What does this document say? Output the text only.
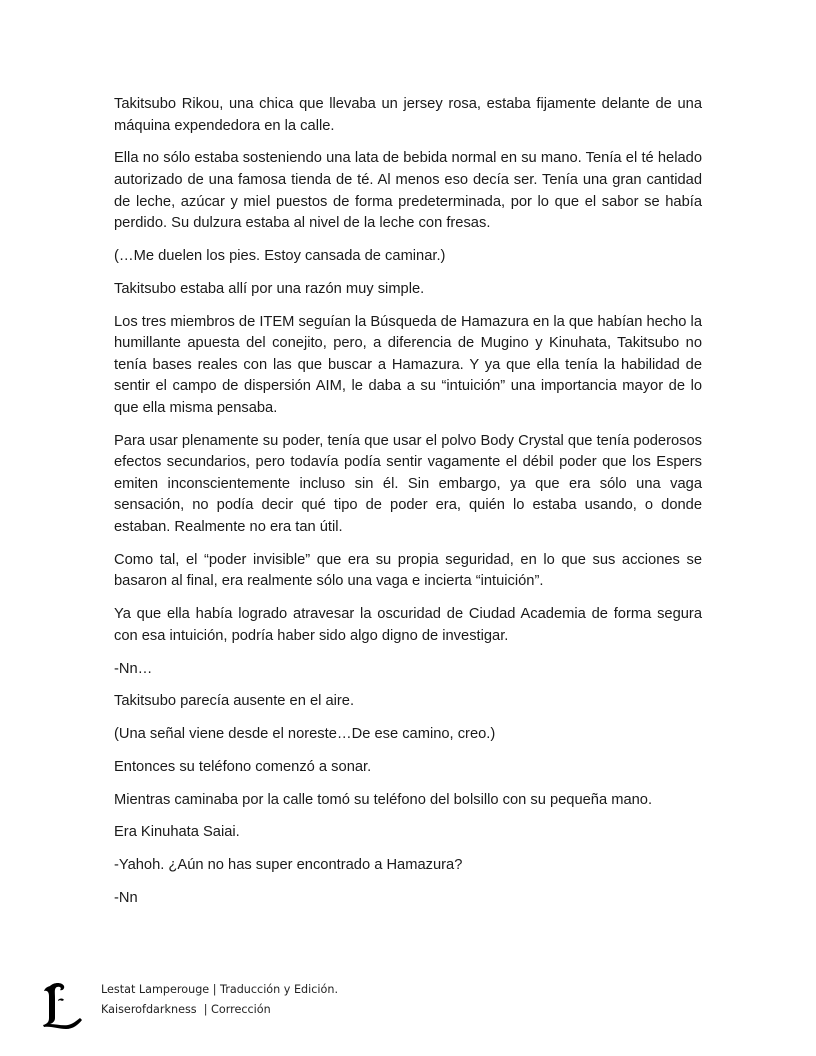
Takitsubo Rikou, una chica que llevaba un jersey rosa, estaba fijamente delante de una máquina expendedora en la calle.

Ella no sólo estaba sosteniendo una lata de bebida normal en su mano. Tenía el té helado autorizado de una famosa tienda de té. Al menos eso decía ser. Tenía una gran cantidad de leche, azúcar y miel puestos de forma predeterminada, por lo que el sabor se había perdido. Su dulzura estaba al nivel de la leche con fresas.

(…Me duelen los pies. Estoy cansada de caminar.)

Takitsubo estaba allí por una razón muy simple.

Los tres miembros de ITEM seguían la Búsqueda de Hamazura en la que habían hecho la humillante apuesta del conejito, pero, a diferencia de Mugino y Kinuhata, Takitsubo no tenía bases reales con las que buscar a Hamazura. Y ya que ella tenía la habilidad de sentir el campo de dispersión AIM, le daba a su “intuición” una importancia mayor de lo que ella misma pensaba.

Para usar plenamente su poder, tenía que usar el polvo Body Crystal que tenía poderosos efectos secundarios, pero todavía podía sentir vagamente el débil poder que los Espers emiten inconscientemente incluso sin él. Sin embargo, ya que era sólo una vaga sensación, no podía decir qué tipo de poder era, quién lo estaba usando, o donde estaban. Realmente no era tan útil.

Como tal, el “poder invisible” que era su propia seguridad, en lo que sus acciones se basaron al final, era realmente sólo una vaga e incierta “intuición”.

Ya que ella había logrado atravesar la oscuridad de Ciudad Academia de forma segura con esa intuición, podría haber sido algo digno de investigar.

-Nn…

Takitsubo parecía ausente en el aire.

(Una señal viene desde el noreste…De ese camino, creo.)

Entonces su teléfono comenzó a sonar.

Mientras caminaba por la calle tomó su teléfono del bolsillo con su pequeña mano.

Era Kinuhata Saiai.

-Yahoh. ¿Aún no has super encontrado a Hamazura?

-Nn

Lestat Lamperouge | Traducción y Edición.
Kaiserofdarkness  | Corrección
